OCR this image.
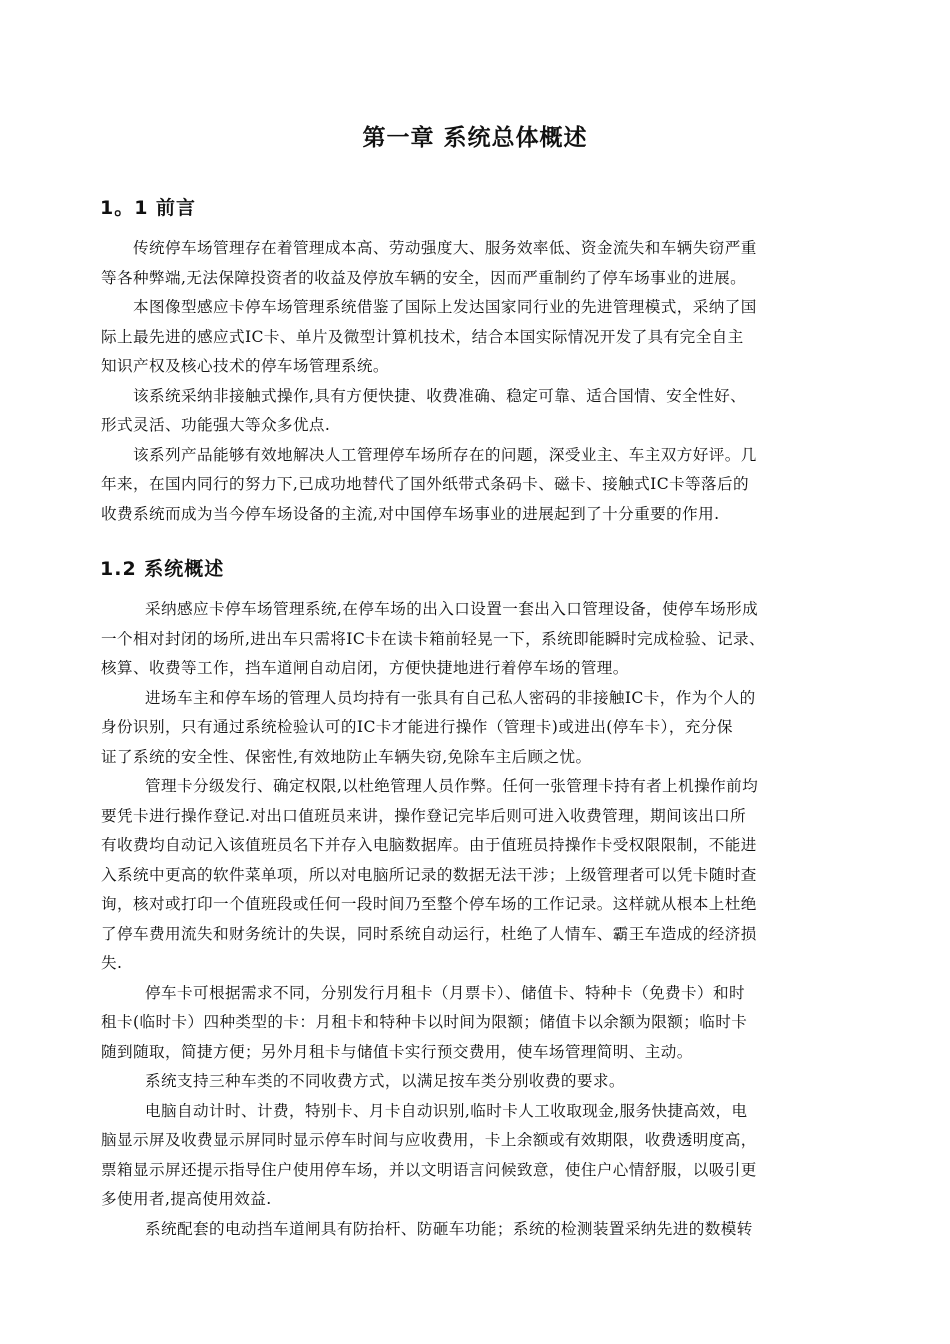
第一章 系统总体概述
1。1 前言

传统停车场管理存在着管理成本高、劳动强度大、服务效率低、资金流失和车辆失窃严重
等各种弊端,无法保障投资者的收益及停放车辆的安全，因而严重制约了停车场事业的进展。

本图像型感应卡停车场管理系统借鉴了国际上发达国家同行业的先进管理模式，采纳了国
际上最先进的感应式IC卡、单片及微型计算机技术，结合本国实际情况开发了具有完全自主
知识产权及核心技术的停车场管理系统。

该系统采纳非接触式操作,具有方便快捷、收费准确、稳定可靠、适合国情、安全性好、
形式灵活、功能强大等众多优点.

该系列产品能够有效地解决人工管理停车场所存在的问题，深受业主、车主双方好评。几
年来，在国内同行的努力下,已成功地替代了国外纸带式条码卡、磁卡、接触式IC卡等落后的
收费系统而成为当今停车场设备的主流,对中国停车场事业的进展起到了十分重要的作用.

1.2 系统概述

采纳感应卡停车场管理系统,在停车场的出入口设置一套出入口管理设备，使停车场形成
一个相对封闭的场所,进出车只需将IC卡在读卡箱前轻晃一下，系统即能瞬时完成检验、记录、
核算、收费等工作，挡车道闸自动启闭，方便快捷地进行着停车场的管理。

进场车主和停车场的管理人员均持有一张具有自己私人密码的非接触IC卡，作为个人的
身份识别，只有通过系统检验认可的IC卡才能进行操作（管理卡)或进出(停车卡），充分保
证了系统的安全性、保密性,有效地防止车辆失窃,免除车主后顾之忧。

管理卡分级发行、确定权限,以杜绝管理人员作弊。任何一张管理卡持有者上机操作前均
要凭卡进行操作登记.对出口值班员来讲，操作登记完毕后则可进入收费管理，期间该出口所
有收费均自动记入该值班员名下并存入电脑数据库。由于值班员持操作卡受权限限制，不能进
入系统中更高的软件菜单项，所以对电脑所记录的数据无法干涉；上级管理者可以凭卡随时查
询，核对或打印一个值班段或任何一段时间乃至整个停车场的工作记录。这样就从根本上杜绝
了停车费用流失和财务统计的失误，同时系统自动运行，杜绝了人情车、霸王车造成的经济损
失.

停车卡可根据需求不同，分别发行月租卡（月票卡）、储值卡、特种卡（免费卡）和时
租卡(临时卡）四种类型的卡：月租卡和特种卡以时间为限额；储值卡以余额为限额；临时卡
随到随取，简捷方便；另外月租卡与储值卡实行预交费用，使车场管理简明、主动。

系统支持三种车类的不同收费方式，以满足按车类分别收费的要求。

电脑自动计时、计费，特别卡、月卡自动识别,临时卡人工收取现金,服务快捷高效，电
脑显示屏及收费显示屏同时显示停车时间与应收费用，卡上余额或有效期限，收费透明度高，
票箱显示屏还提示指导住户使用停车场，并以文明语言问候致意，使住户心情舒服，以吸引更
多使用者,提高使用效益.

系统配套的电动挡车道闸具有防抬杆、防砸车功能；系统的检测装置采纳先进的数模转
